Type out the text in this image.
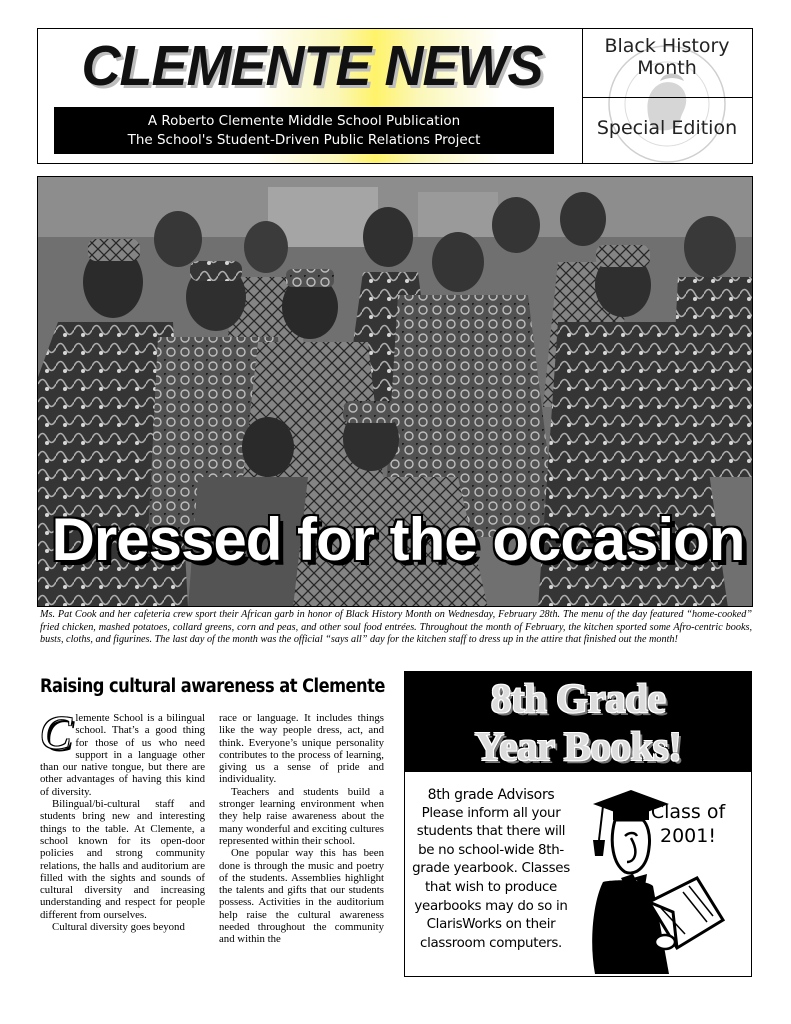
CLEMENTE NEWS
A Roberto Clemente Middle School Publication
The School's Student-Driven Public Relations Project
Black History
Month
Special Edition
Dressed for the occasion
Ms. Pat Cook and her cafeteria crew sport their African garb in honor of Black History Month on Wednesday, February 28th. The menu of the day featured “home-cooked” fried chicken, mashed potatoes, collard greens, corn and peas, and other soul food entrées. Throughout the month of February, the kitchen sported some Afro-centric books, busts, cloths, and figurines. The last day of the month was the official “says all” day for the kitchen staff to dress up in the attire that finished out the month!
Raising cultural awareness at Clemente

Clemente School is a bilingual school. That’s a good thing for those of us who need support in a language other than our native tongue, but there are other advantages of having this kind of diversity.

Bilingual/bi-cultural staff and students bring new and interesting things to the table. At Clemente, a school known for its open-door policies and strong community relations, the halls and auditorium are filled with the sights and sounds of cultural diversity and increasing understanding and respect for people different from ourselves.

Cultural diversity goes beyond

race or language. It includes things like the way people dress, act, and think. Everyone’s unique personality contributes to the process of learning, giving us a sense of pride and individuality.

Teachers and students build a stronger learning environment when they help raise awareness about the many wonderful and exciting cultures represented within their school.

One popular way this has been done is through the music and poetry of the students. Assemblies highlight the talents and gifts that our students possess. Activities in the auditorium help raise the cultural awareness needed throughout the community and within the

8th Grade
Year Books!
8th grade Advisors
Please inform all your students that there will be no school-wide 8th-grade yearbook. Classes that wish to produce yearbooks may do so in ClarisWorks on their classroom computers.
Class of
2001!
